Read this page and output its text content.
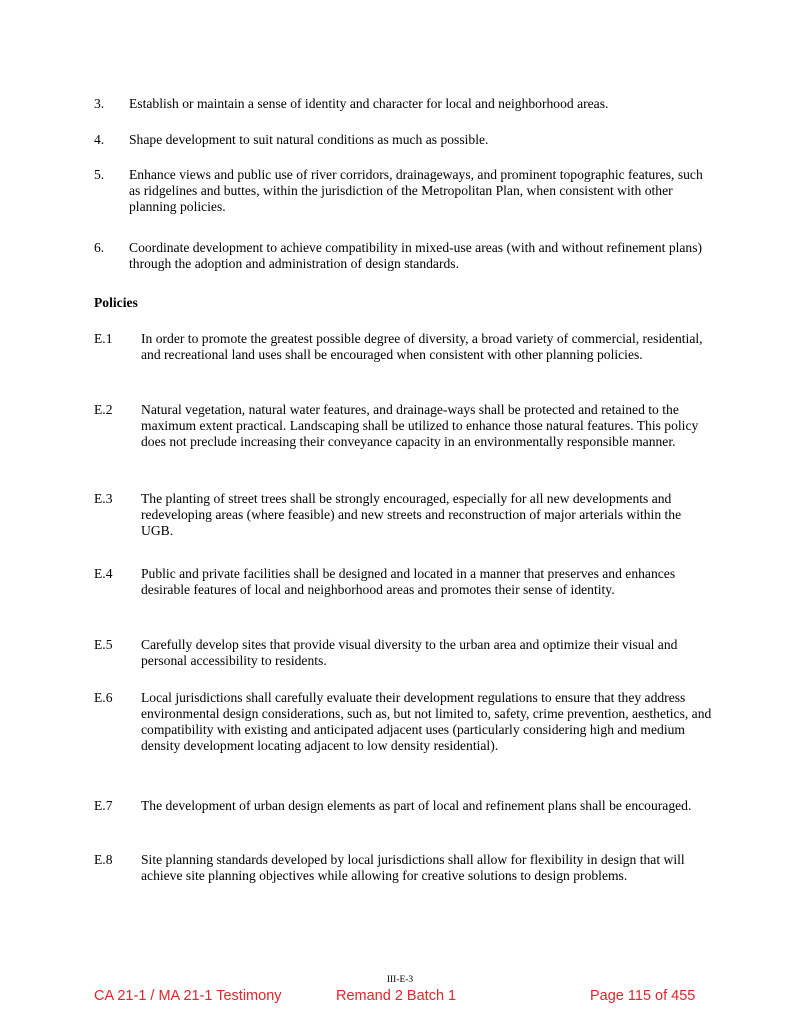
3. Establish or maintain a sense of identity and character for local and neighborhood areas.
4. Shape development to suit natural conditions as much as possible.
5. Enhance views and public use of river corridors, drainageways, and prominent topographic features, such as ridgelines and buttes, within the jurisdiction of the Metropolitan Plan, when consistent with other planning policies.
6. Coordinate development to achieve compatibility in mixed-use areas (with and without refinement plans) through the adoption and administration of design standards.
Policies
E.1 In order to promote the greatest possible degree of diversity, a broad variety of commercial, residential, and recreational land uses shall be encouraged when consistent with other planning policies.
E.2 Natural vegetation, natural water features, and drainage-ways shall be protected and retained to the maximum extent practical. Landscaping shall be utilized to enhance those natural features. This policy does not preclude increasing their conveyance capacity in an environmentally responsible manner.
E.3 The planting of street trees shall be strongly encouraged, especially for all new developments and redeveloping areas (where feasible) and new streets and reconstruction of major arterials within the UGB.
E.4 Public and private facilities shall be designed and located in a manner that preserves and enhances desirable features of local and neighborhood areas and promotes their sense of identity.
E.5 Carefully develop sites that provide visual diversity to the urban area and optimize their visual and personal accessibility to residents.
E.6 Local jurisdictions shall carefully evaluate their development regulations to ensure that they address environmental design considerations, such as, but not limited to, safety, crime prevention, aesthetics, and compatibility with existing and anticipated adjacent uses (particularly considering high and medium density development locating adjacent to low density residential).
E.7 The development of urban design elements as part of local and refinement plans shall be encouraged.
E.8 Site planning standards developed by local jurisdictions shall allow for flexibility in design that will achieve site planning objectives while allowing for creative solutions to design problems.
III-E-3
CA 21-1 / MA 21-1 Testimony	Remand 2 Batch 1	Page 115 of 455
